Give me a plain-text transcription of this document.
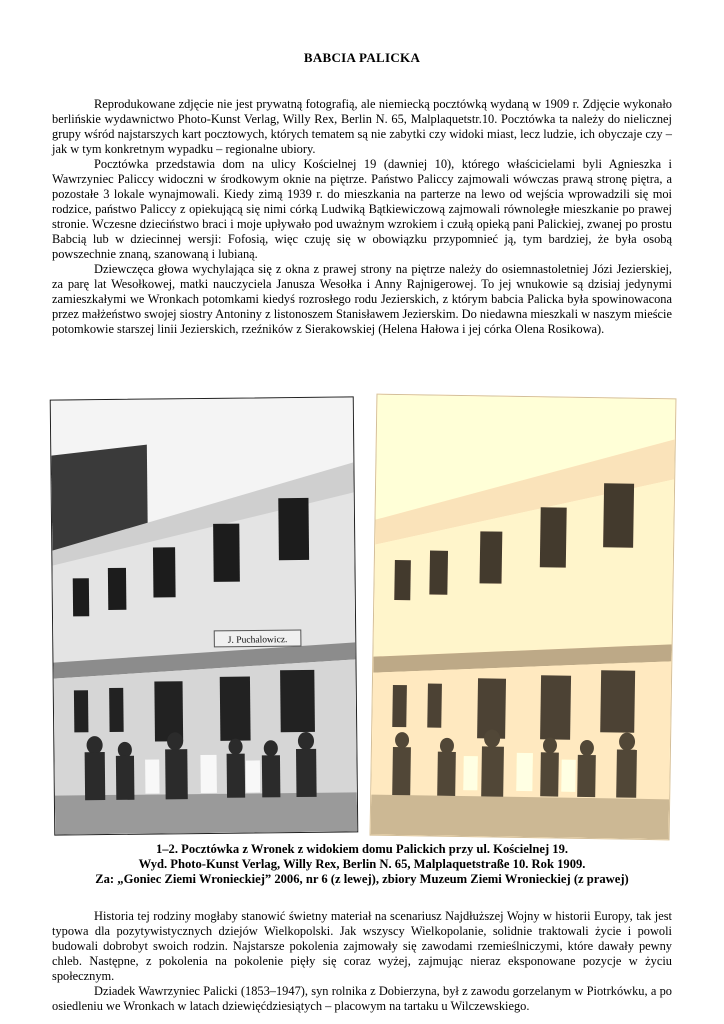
BABCIA PALICKA

Reprodukowane zdjęcie nie jest prywatną fotografią, ale niemiecką pocztówką wydaną w 1909 r. Zdjęcie wykonało berlińskie wydawnictwo Photo-Kunst Verlag, Willy Rex, Berlin N. 65, Malplaquetstr.10. Pocztówka ta należy do nielicznej grupy wśród najstarszych kart pocztowych, których tematem są nie zabytki czy widoki miast, lecz ludzie, ich obyczaje czy – jak w tym konkretnym wypadku – regionalne ubiory.

Pocztówka przedstawia dom na ulicy Kościelnej 19 (dawniej 10), którego właścicielami byli Agnieszka i Wawrzyniec Paliccy widoczni w środkowym oknie na piętrze. Państwo Paliccy zajmowali wówczas prawą stronę piętra, a pozostałe 3 lokale wynajmowali. Kiedy zimą 1939 r. do mieszkania na parterze na lewo od wejścia wprowadzili się moi rodzice, państwo Paliccy z opiekującą się nimi córką Ludwiką Bątkiewiczową zajmowali równoległe mieszkanie po prawej stronie. Wczesne dzieciństwo braci i moje upływało pod uważnym wzrokiem i czułą opieką pani Palickiej, zwanej po prostu Babcią lub w dziecinnej wersji: Fofosią, więc czuję się w obowiązku przypomnieć ją, tym bardziej, że była osobą powszechnie znaną, szanowaną i lubianą.

Dziewczęca głowa wychylająca się z okna z prawej strony na piętrze należy do osiemnastoletniej Józi Jezierskiej, za parę lat Wesołkowej, matki nauczyciela Janusza Wesołka i Anny Rajnigerowej. To jej wnukowie są dzisiaj jedynymi zamieszkałymi we Wronkach potomkami kiedyś rozrosłego rodu Jezierskich, z którym babcia Palicka była spowinowacona przez małżeństwo swojej siostry Antoniny z listonoszem Stanisławem Jezierskim. Do niedawna mieszkali w naszym mieście potomkowie starszej linii Jezierskich, rzeźników z Sierakowskiej (Helena Hałowa i jej córka Olena Rosikowa).

J. Puchalowicz.
1–2. Pocztówka z Wronek z widokiem domu Palickich przy ul. Kościelnej 19.
Wyd. Photo-Kunst Verlag, Willy Rex, Berlin N. 65, Malplaquetstraße 10. Rok 1909.
Za: „Goniec Ziemi Wronieckiej” 2006, nr 6 (z lewej), zbiory Muzeum Ziemi Wronieckiej (z prawej)

Historia tej rodziny mogłaby stanowić świetny materiał na scenariusz Najdłuższej Wojny w historii Europy, tak jest typowa dla pozytywistycznych dziejów Wielkopolski. Jak wszyscy Wielkopolanie, solidnie traktowali życie i powoli budowali dobrobyt swoich rodzin. Najstarsze pokolenia zajmowały się zawodami rzemieślniczymi, które dawały pewny chleb. Następne, z pokolenia na pokolenie pięły się coraz wyżej, zajmując nieraz eksponowane pozycje w życiu społecznym.

Dziadek Wawrzyniec Palicki (1853–1947), syn rolnika z Dobierzyna, był z zawodu gorzelanym w Piotrkówku, a po osiedleniu we Wronkach w latach dziewięćdziesiątych – placowym na tartaku u Wilczewskiego.
